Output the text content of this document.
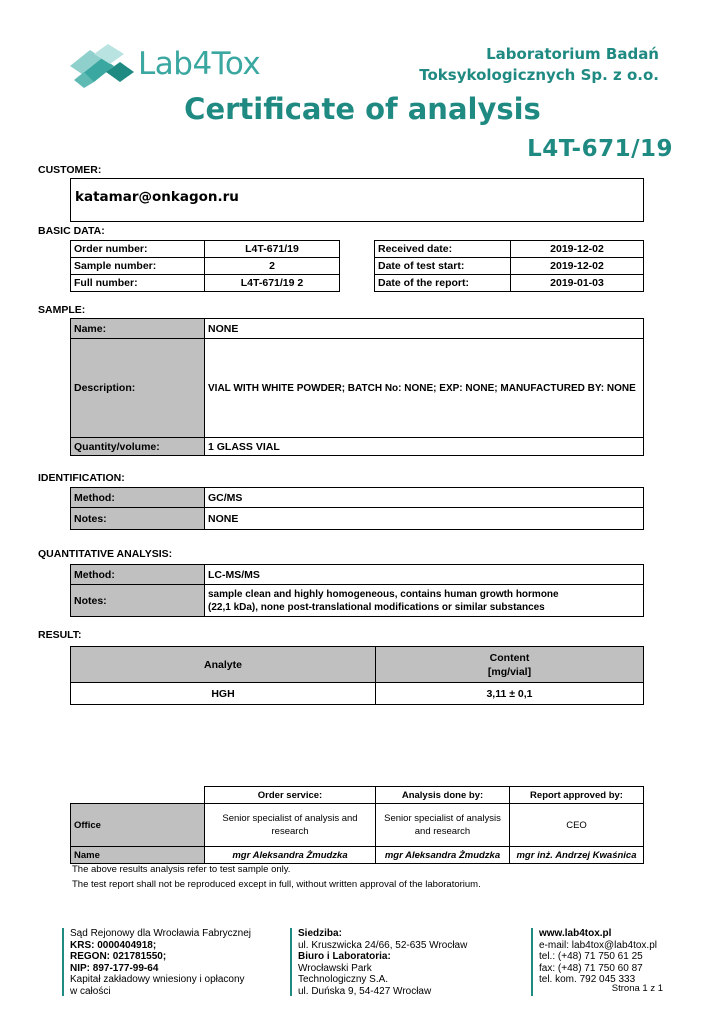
Lab4Tox	Laboratorium Badań
Toksykologicznych Sp. z o.o.
Certificate of analysis
L4T-671/19
CUSTOMER:
katamar@onkagon.ru
BASIC DATA:
Order number:	L4T-671/19
Sample number:	2
Full number:	L4T-671/19 2
Received date:	2019-12-02
Date of test start:	2019-12-02
Date of the report:	2019-01-03
SAMPLE:
Name:	NONE
Description:	VIAL WITH WHITE POWDER; BATCH No: NONE; EXP: NONE; MANUFACTURED BY: NONE
Quantity/volume:	1 GLASS VIAL
IDENTIFICATION:
Method:	GC/MS
Notes:	NONE
QUANTITATIVE ANALYSIS:
Method:	LC-MS/MS
Notes:	sample clean and highly homogeneous, contains human growth hormone
(22,1 kDa), none post-translational modifications or similar substances
RESULT:
Analyte	Content
[mg/vial]

HGH	3,11 ± 0,1
	Order service:	Analysis done by:	Report approved by:
Office	Senior specialist of analysis and research	Senior specialist of analysis and research	CEO
Name	mgr Aleksandra Żmudzka	mgr Aleksandra Żmudzka	mgr inż. Andrzej Kwaśnica
The above results analysis refer to test sample only.
The test report shall not be reproduced except in full, without written approval of the laboratorium.
Sąd Rejonowy dla Wrocławia Fabrycznej
KRS: 0000404918;
REGON: 021781550;
NIP: 897-177-99-64
Kapitał zakładowy wniesiony i opłacony
w całości
Siedziba:
ul. Kruszwicka 24/66, 52-635 Wrocław
Biuro i Laboratoria:
Wrocławski Park
Technologiczny S.A.
ul. Duńska 9, 54-427 Wrocław
www.lab4tox.pl
e-mail: lab4tox@lab4tox.pl
tel.: (+48) 71 750 61 25
fax: (+48) 71 750 60 87
tel. kom. 792 045 333
Strona 1 z 1
